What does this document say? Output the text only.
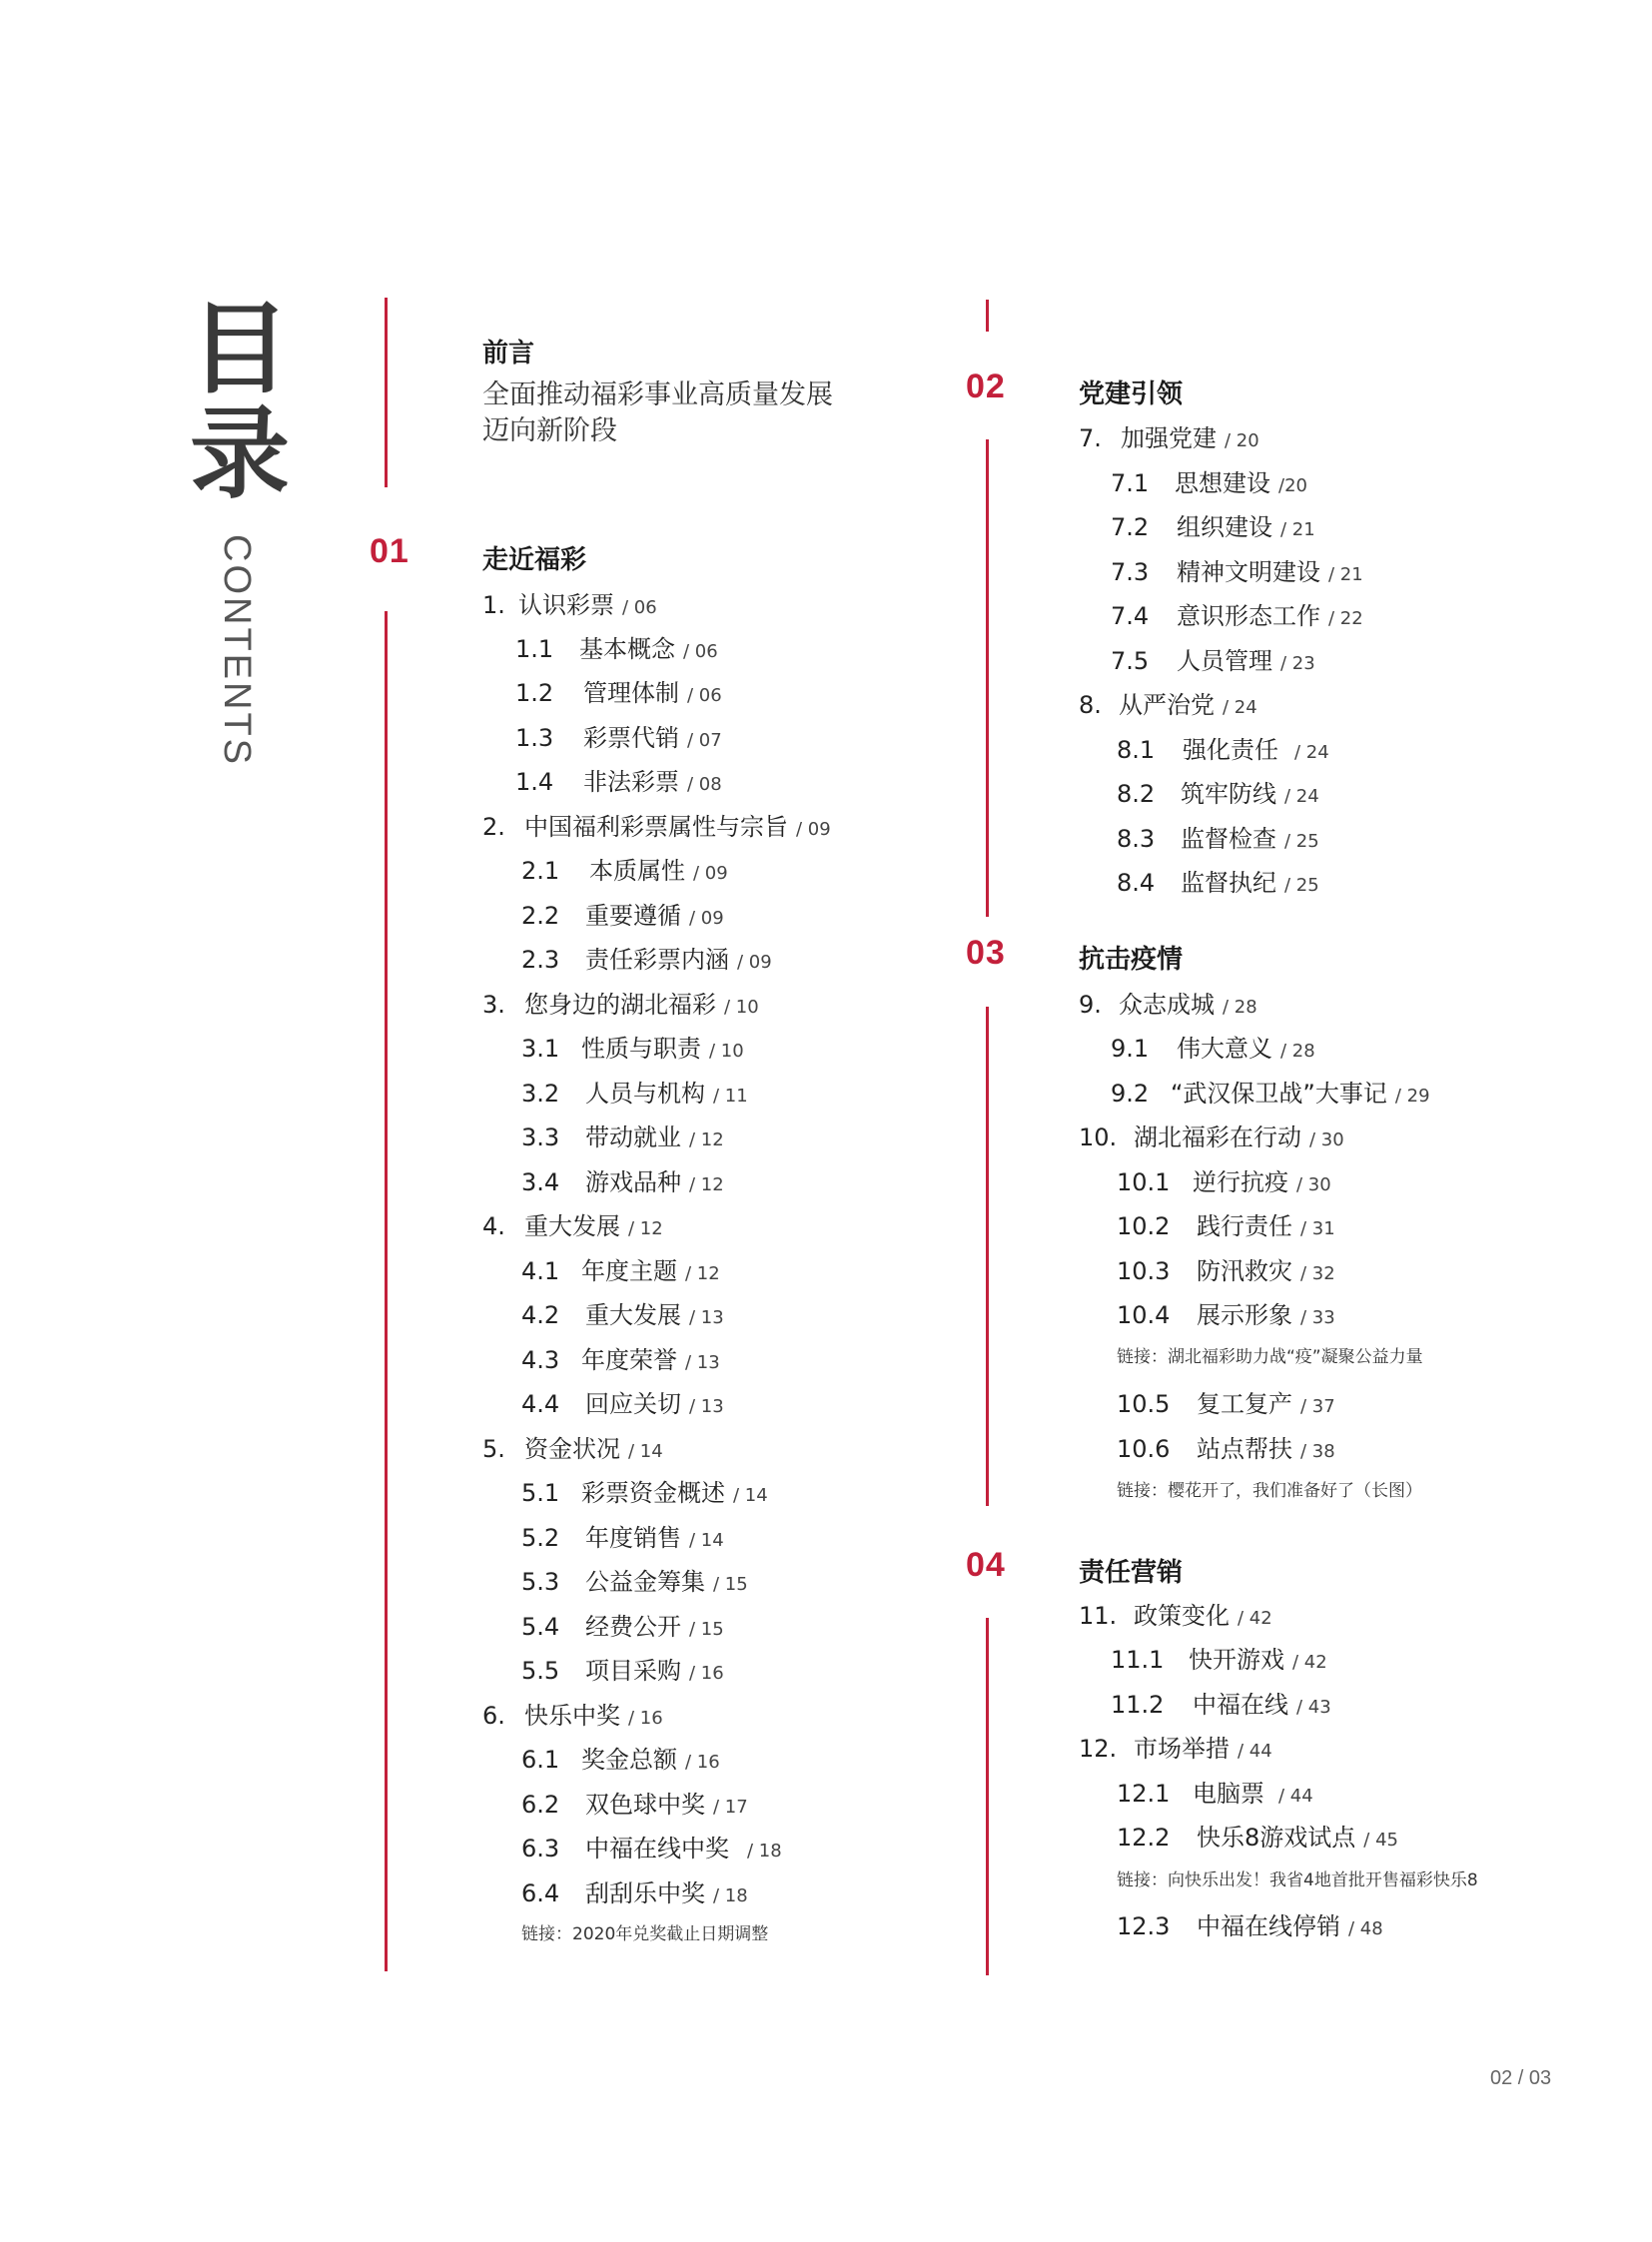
目
录
CONTENTS
前言
全面推动福彩事业高质量发展
迈向新阶段
01	走近福彩
02	党建引领
03	抗击疫情
04	责任营销
1. 认识彩票 / 06
1.1 基本概念 / 06
1.2 管理体制 / 06
1.3 彩票代销 / 07
1.4 非法彩票 / 08
2. 中国福利彩票属性与宗旨 / 09
2.1 本质属性 / 09
2.2 重要遵循 / 09
2.3 责任彩票内涵 / 09
3. 您身边的湖北福彩 / 10
3.1 性质与职责 / 10
3.2 人员与机构 / 11
3.3 带动就业 / 12
3.4 游戏品种 / 12
4. 重大发展 / 12
4.1 年度主题 / 12
4.2 重大发展 / 13
4.3 年度荣誉 / 13
4.4 回应关切 / 13
5. 资金状况 / 14
5.1 彩票资金概述 / 14
5.2 年度销售 / 14
5.3 公益金筹集 / 15
5.4 经费公开 / 15
5.5 项目采购 / 16
6. 快乐中奖 / 16
6.1 奖金总额 / 16
6.2 双色球中奖 / 17
6.3 中福在线中奖 / 18
6.4 刮刮乐中奖 / 18
链接：2020年兑奖截止日期调整
7. 加强党建 / 20
7.1 思想建设 /20
7.2 组织建设 / 21
7.3 精神文明建设 / 21
7.4 意识形态工作 / 22
7.5 人员管理 / 23
8. 从严治党 / 24
8.1 强化责任 / 24
8.2 筑牢防线 / 24
8.3 监督检查 / 25
8.4 监督执纪 / 25
9. 众志成城 / 28
9.1 伟大意义 / 28
9.2 “武汉保卫战”大事记 / 29
10. 湖北福彩在行动 / 30
10.1 逆行抗疫 / 30
10.2 践行责任 / 31
10.3 防汛救灾 / 32
10.4 展示形象 / 33
链接：湖北福彩助力战“疫”凝聚公益力量
10.5 复工复产 / 37
10.6 站点帮扶 / 38
链接：樱花开了，我们准备好了（长图）
11. 政策变化 / 42
11.1 快开游戏 / 42
11.2 中福在线 / 43
12. 市场举措 / 44
12.1 电脑票 / 44
12.2 快乐8游戏试点 / 45
链接：向快乐出发！我省4地首批开售福彩快乐8
12.3 中福在线停销 / 48
02 / 03
